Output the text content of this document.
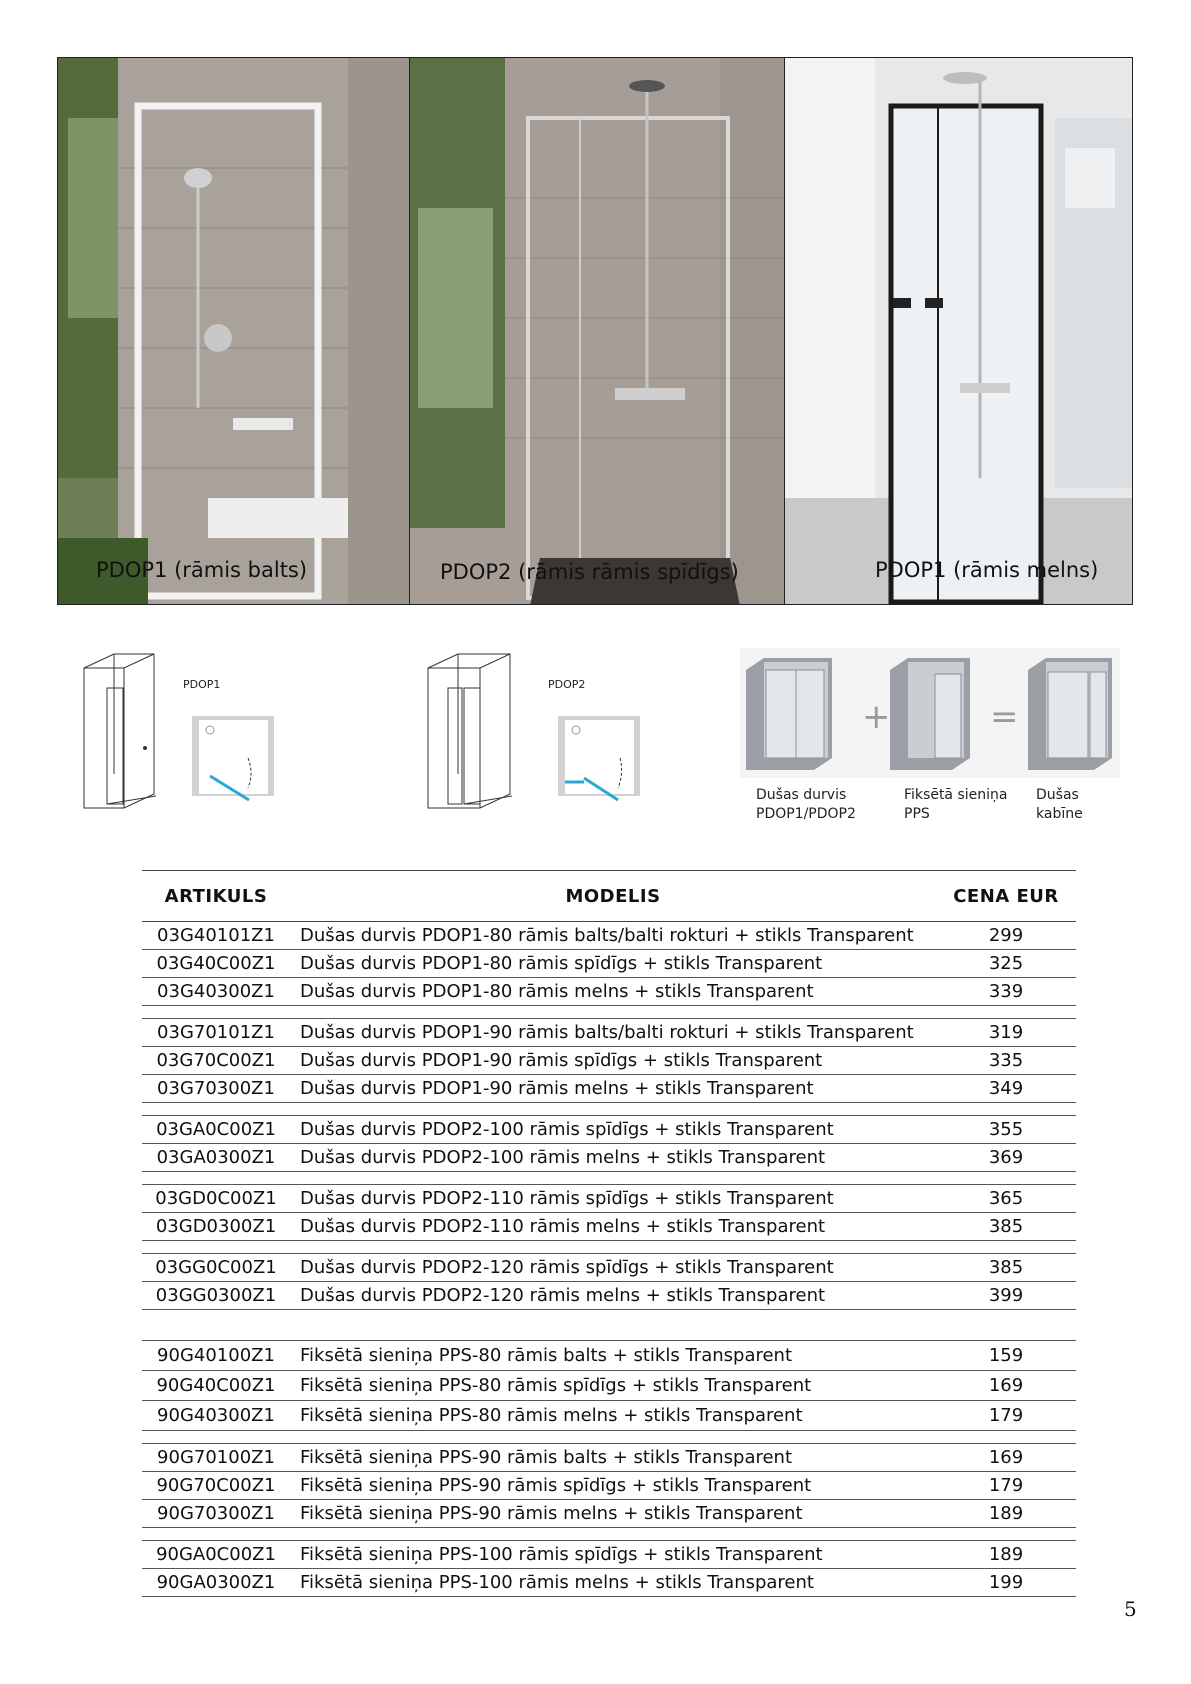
PDOP1 (rāmis balts)	PDOP2 (rāmis rāmis spīdīgs)	PDOP1 (rāmis melns)
PDOP1	PDOP2
+	=
Dušas durvis
PDOP1/PDOP2
Fiksētā sieniņa
PPS
Dušas
kabīne
ARTIKULS	MODELIS	CENA EUR
03G40101Z1	Dušas durvis PDOP1-80 rāmis balts/balti rokturi + stikls Transparent	299
03G40C00Z1	Dušas durvis PDOP1-80 rāmis spīdīgs + stikls Transparent	325
03G40300Z1	Dušas durvis PDOP1-80 rāmis melns + stikls Transparent	339

03G70101Z1	Dušas durvis PDOP1-90 rāmis balts/balti rokturi + stikls Transparent	319
03G70C00Z1	Dušas durvis PDOP1-90 rāmis spīdīgs + stikls Transparent	335
03G70300Z1	Dušas durvis PDOP1-90 rāmis melns + stikls Transparent	349

03GA0C00Z1	Dušas durvis PDOP2-100 rāmis spīdīgs + stikls Transparent	355
03GA0300Z1	Dušas durvis PDOP2-100 rāmis melns + stikls Transparent	369

03GD0C00Z1	Dušas durvis PDOP2-110 rāmis spīdīgs + stikls Transparent	365
03GD0300Z1	Dušas durvis PDOP2-110 rāmis melns + stikls Transparent	385

03GG0C00Z1	Dušas durvis PDOP2-120 rāmis spīdīgs + stikls Transparent	385
03GG0300Z1	Dušas durvis PDOP2-120 rāmis melns + stikls Transparent	399

90G40100Z1	Fiksētā sieniņa PPS-80 rāmis balts + stikls Transparent	159
90G40C00Z1	Fiksētā sieniņa PPS-80 rāmis spīdīgs + stikls Transparent	169
90G40300Z1	Fiksētā sieniņa PPS-80 rāmis melns + stikls Transparent	179

90G70100Z1	Fiksētā sieniņa PPS-90 rāmis balts + stikls Transparent	169
90G70C00Z1	Fiksētā sieniņa PPS-90 rāmis spīdīgs + stikls Transparent	179
90G70300Z1	Fiksētā sieniņa PPS-90 rāmis melns + stikls Transparent	189

90GA0C00Z1	Fiksētā sieniņa PPS-100 rāmis spīdīgs + stikls Transparent	189
90GA0300Z1	Fiksētā sieniņa PPS-100 rāmis melns + stikls Transparent	199
5
